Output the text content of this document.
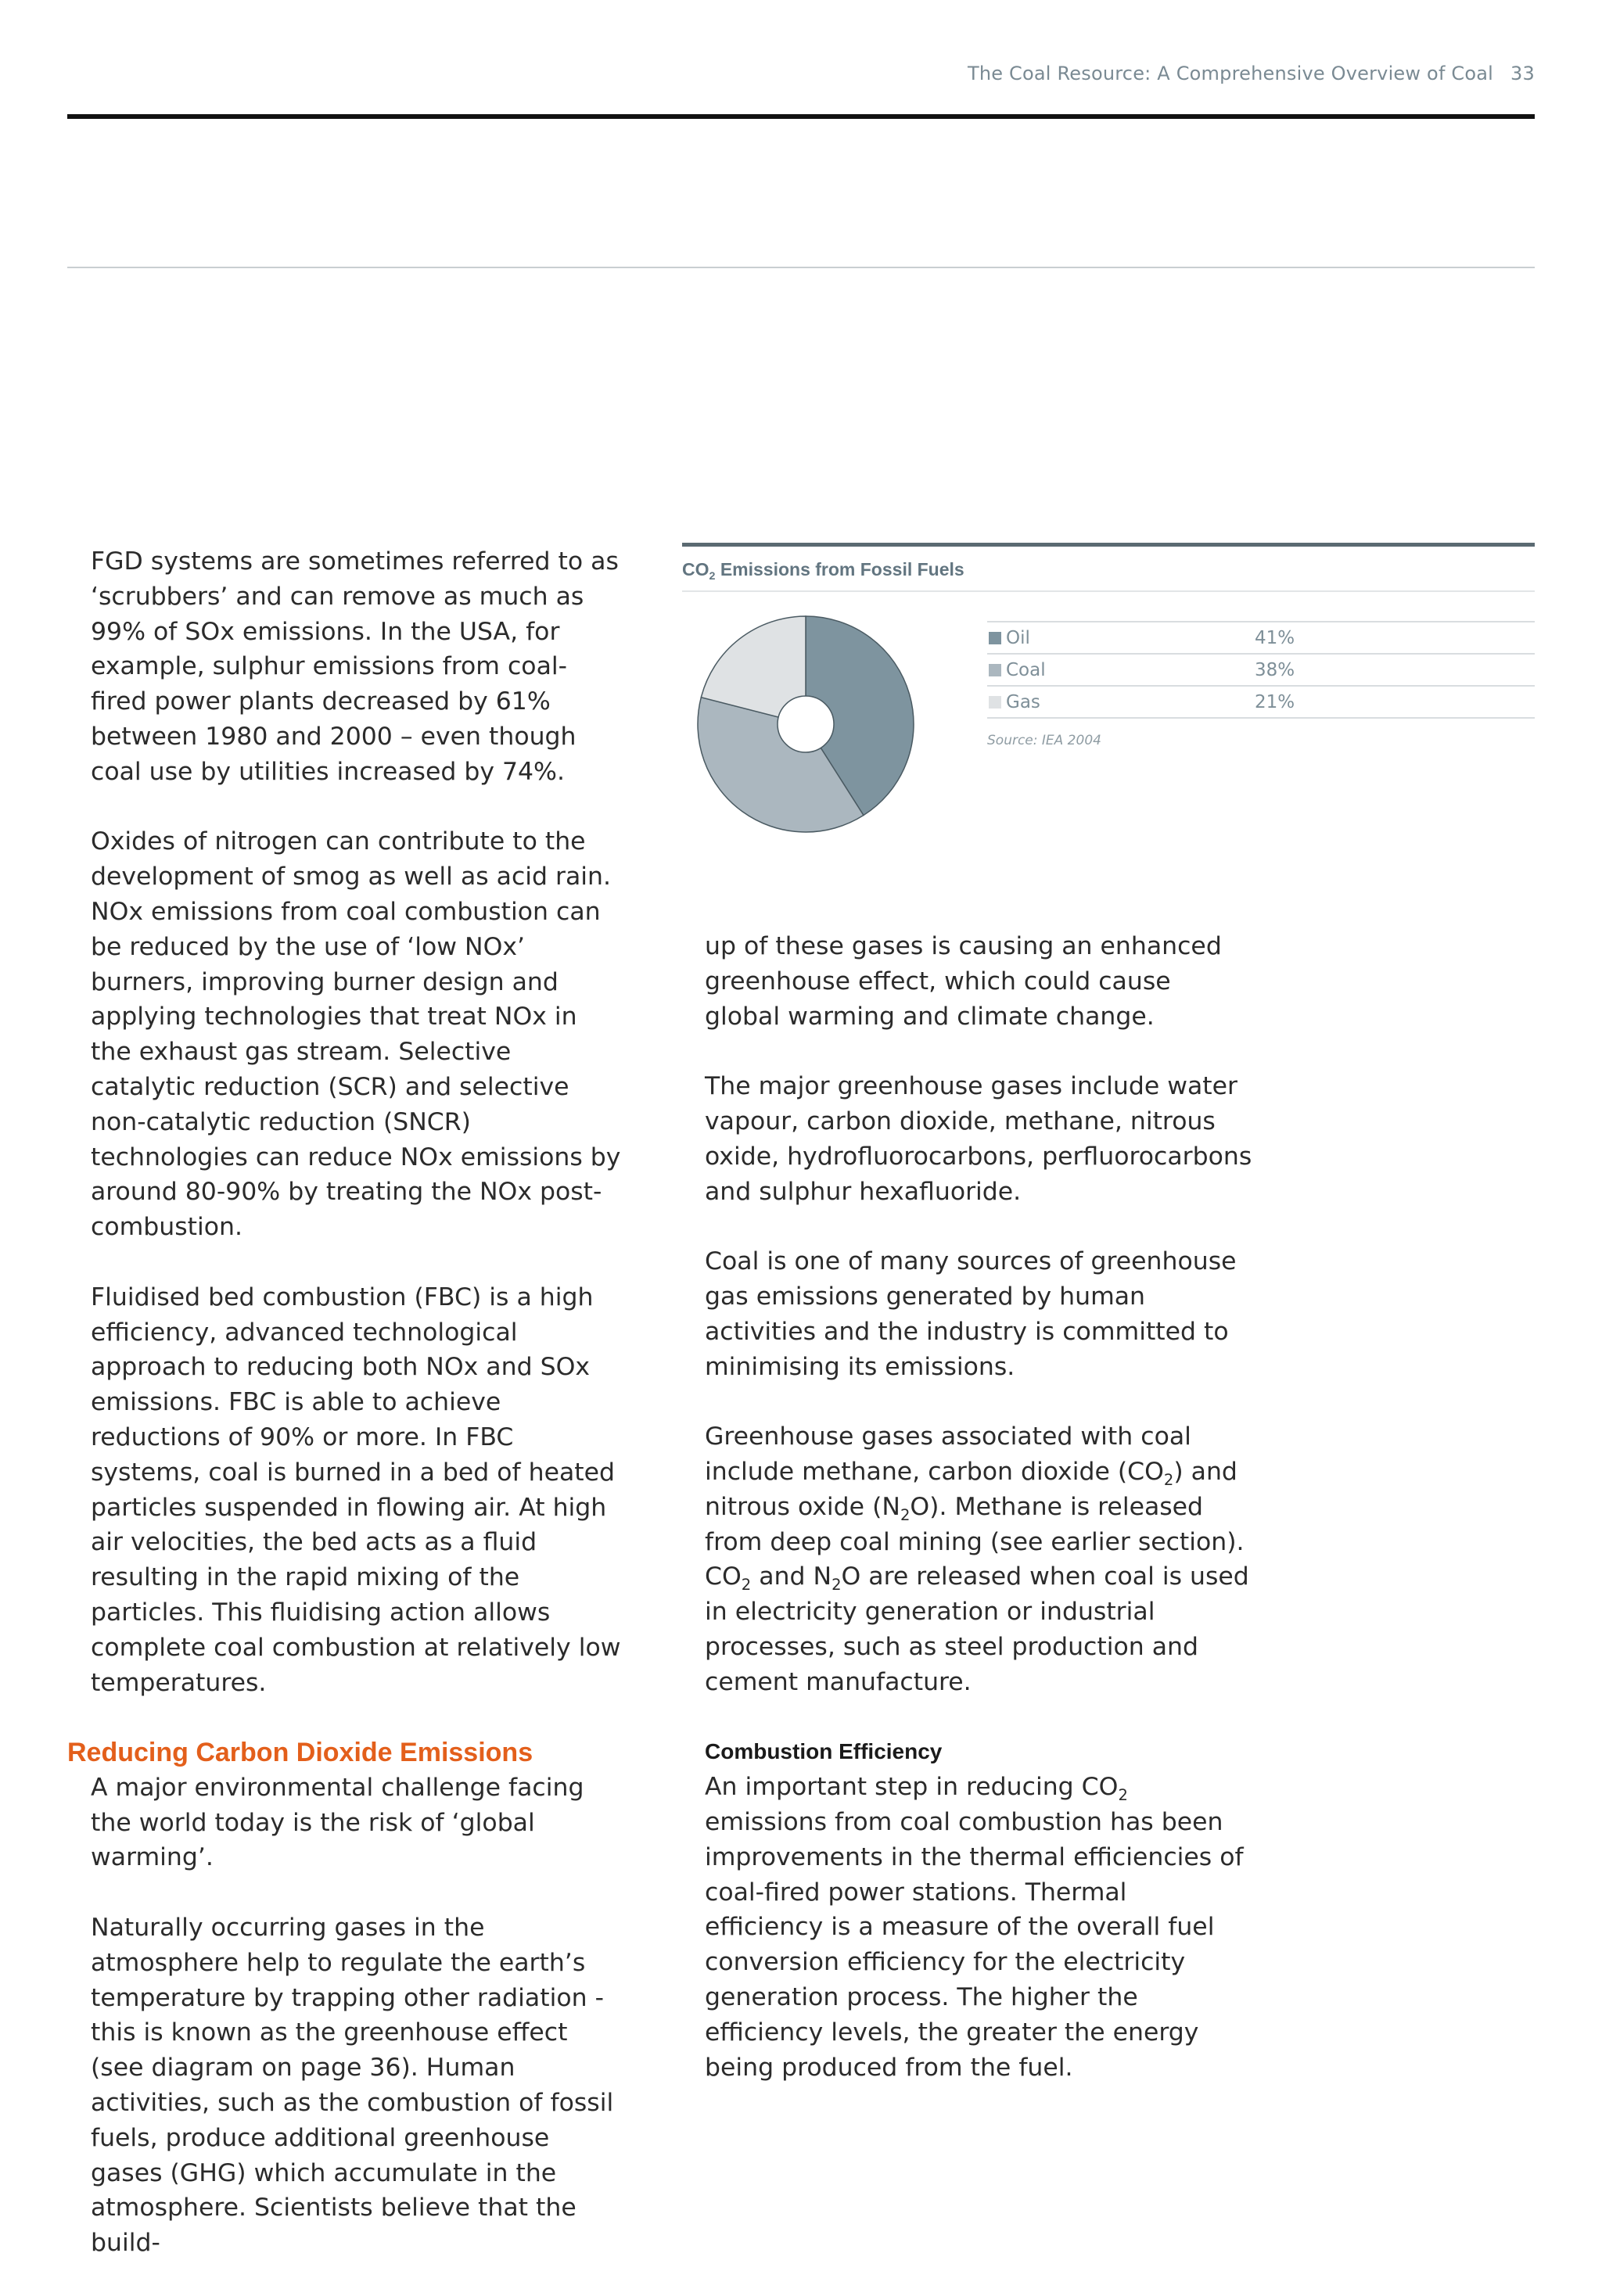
The Coal Resource: A Comprehensive Overview of Coal 33

FGD systems are sometimes referred to as ‘scrubbers’ and can remove as much as 99% of SOx emissions. In the USA, for example, sulphur emissions from coal-fired power plants decreased by 61% between 1980 and 2000 – even though coal use by utilities increased by 74%.

Oxides of nitrogen can contribute to the development of smog as well as acid rain. NOx emissions from coal combustion can be reduced by the use of ‘low NOx’ burners, improving burner design and applying technologies that treat NOx in the exhaust gas stream. Selective catalytic reduction (SCR) and selective non-catalytic reduction (SNCR) technologies can reduce NOx emissions by around 80-90% by treating the NOx post-combustion.

Fluidised bed combustion (FBC) is a high efficiency, advanced technological approach to reducing both NOx and SOx emissions. FBC is able to achieve reductions of 90% or more. In FBC systems, coal is burned in a bed of heated particles suspended in flowing air. At high air velocities, the bed acts as a fluid resulting in the rapid mixing of the particles. This fluidising action allows complete coal combustion at relatively low temperatures.

Reducing Carbon Dioxide Emissions

A major environmental challenge facing the world today is the risk of ‘global warming’.

Naturally occurring gases in the atmosphere help to regulate the earth’s temperature by trapping other radiation - this is known as the greenhouse effect (see diagram on page 36). Human activities, such as the combustion of fossil fuels, produce additional greenhouse gases (GHG) which accumulate in the atmosphere. Scientists believe that the build-

up of these gases is causing an enhanced greenhouse effect, which could cause global warming and climate change.

The major greenhouse gases include water vapour, carbon dioxide, methane, nitrous oxide, hydrofluorocarbons, perfluorocarbons and sulphur hexafluoride.

Coal is one of many sources of greenhouse gas emissions generated by human activities and the industry is committed to minimising its emissions.

Greenhouse gases associated with coal include methane, carbon dioxide $(CO_2)$ and nitrous oxide $(N_2O)$. Methane is released from deep coal mining (see earlier section). $CO_2$ and $N_2O$ are released when coal is used in electricity generation or industrial processes, such as steel production and cement manufacture.

Combustion Efficiency

An important step in reducing $CO_2$ emissions from coal combustion has been improvements in the thermal efficiencies of coal-fired power stations. Thermal efficiency is a measure of the overall fuel conversion efficiency for the electricity generation process. The higher the efficiency levels, the greater the energy being produced from the fuel.

$CO_2$ Emissions from Fossil Fuels
Oil	41%
Coal	38%
Gas	21%
Source: IEA 2004
